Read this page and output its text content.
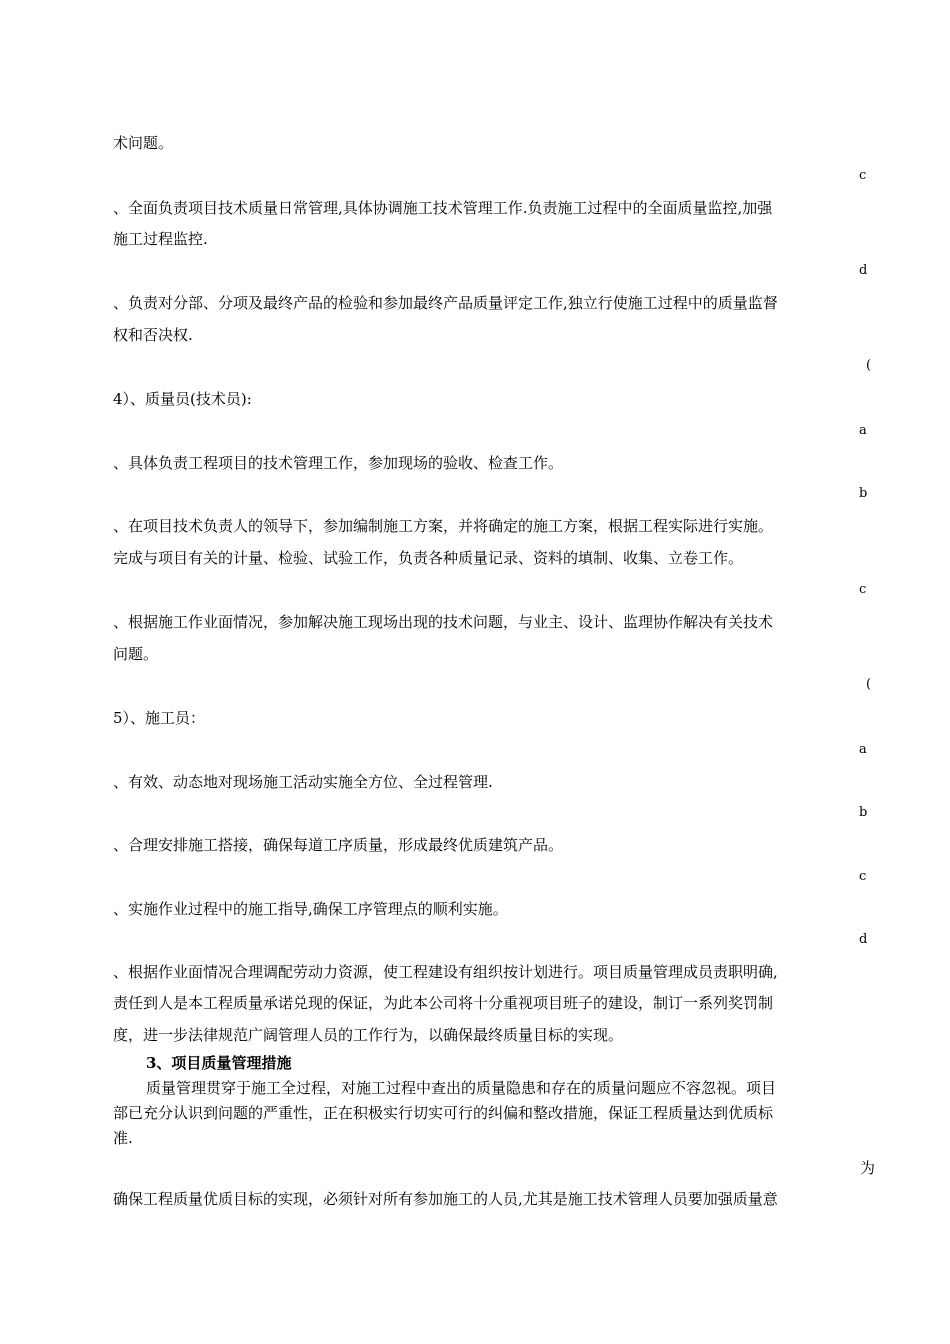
术问题。
c
、全面负责项目技术质量日常管理,具体协调施工技术管理工作.负责施工过程中的全面质量监控,加强
施工过程监控.
d
、负责对分部、分项及最终产品的检验和参加最终产品质量评定工作,独立行使施工过程中的质量监督
权和否决权.
(
4）、质量员(技术员):
a
、具体负责工程项目的技术管理工作，参加现场的验收、检查工作。
b
、在项目技术负责人的领导下，参加编制施工方案，并将确定的施工方案，根据工程实际进行实施。
完成与项目有关的计量、检验、试验工作，负责各种质量记录、资料的填制、收集、立卷工作。
c
、根据施工作业面情况，参加解决施工现场出现的技术问题，与业主、设计、监理协作解决有关技术
问题。
(
5）、施工员：
a
、有效、动态地对现场施工活动实施全方位、全过程管理.
b
、合理安排施工搭接，确保每道工序质量，形成最终优质建筑产品。
c
、实施作业过程中的施工指导,确保工序管理点的顺利实施。
d
、根据作业面情况合理调配劳动力资源，使工程建设有组织按计划进行。项目质量管理成员责职明确,
责任到人是本工程质量承诺兑现的保证，为此本公司将十分重视项目班子的建设，制订一系列奖罚制
度，进一步法律规范广阔管理人员的工作行为，以确保最终质量目标的实现。
3、项目质量管理措施
质量管理贯穿于施工全过程，对施工过程中查出的质量隐患和存在的质量问题应不容忽视。项目
部已充分认识到问题的严重性，正在积极实行切实可行的纠偏和整改措施，保证工程质量达到优质标
准.
为
确保工程质量优质目标的实现，必须针对所有参加施工的人员,尤其是施工技术管理人员要加强质量意
